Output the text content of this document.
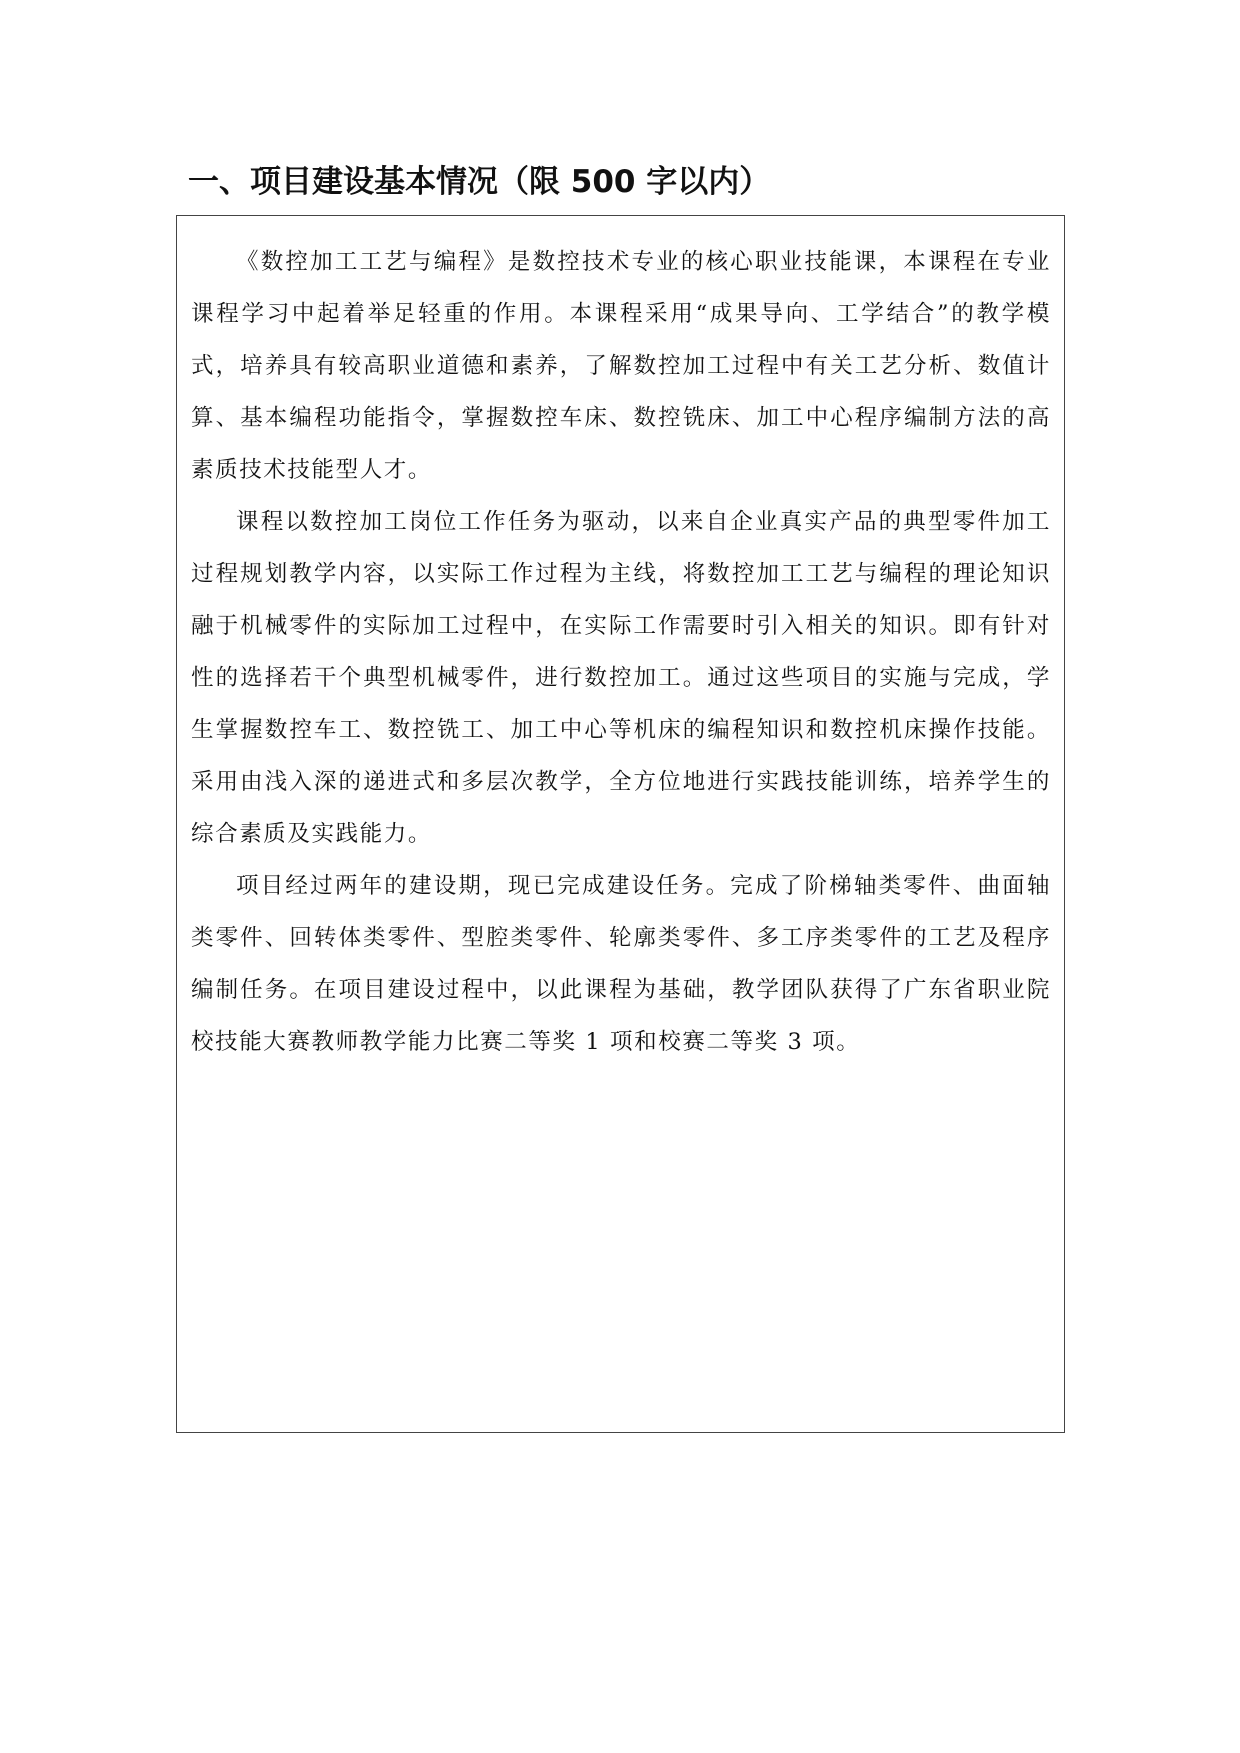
一、项目建设基本情况（限 500 字以内）

《数控加工工艺与编程》是数控技术专业的核心职业技能课，本课程在专业课程学习中起着举足轻重的作用。本课程采用“成果导向、工学结合”的教学模式，培养具有较高职业道德和素养，了解数控加工过程中有关工艺分析、数值计算、基本编程功能指令，掌握数控车床、数控铣床、加工中心程序编制方法的高素质技术技能型人才。

课程以数控加工岗位工作任务为驱动，以来自企业真实产品的典型零件加工过程规划教学内容，以实际工作过程为主线，将数控加工工艺与编程的理论知识融于机械零件的实际加工过程中，在实际工作需要时引入相关的知识。即有针对性的选择若干个典型机械零件，进行数控加工。通过这些项目的实施与完成，学生掌握数控车工、数控铣工、加工中心等机床的编程知识和数控机床操作技能。采用由浅入深的递进式和多层次教学，全方位地进行实践技能训练，培养学生的综合素质及实践能力。

项目经过两年的建设期，现已完成建设任务。完成了阶梯轴类零件、曲面轴类零件、回转体类零件、型腔类零件、轮廓类零件、多工序类零件的工艺及程序编制任务。在项目建设过程中，以此课程为基础，教学团队获得了广东省职业院校技能大赛教师教学能力比赛二等奖 1 项和校赛二等奖 3 项。
